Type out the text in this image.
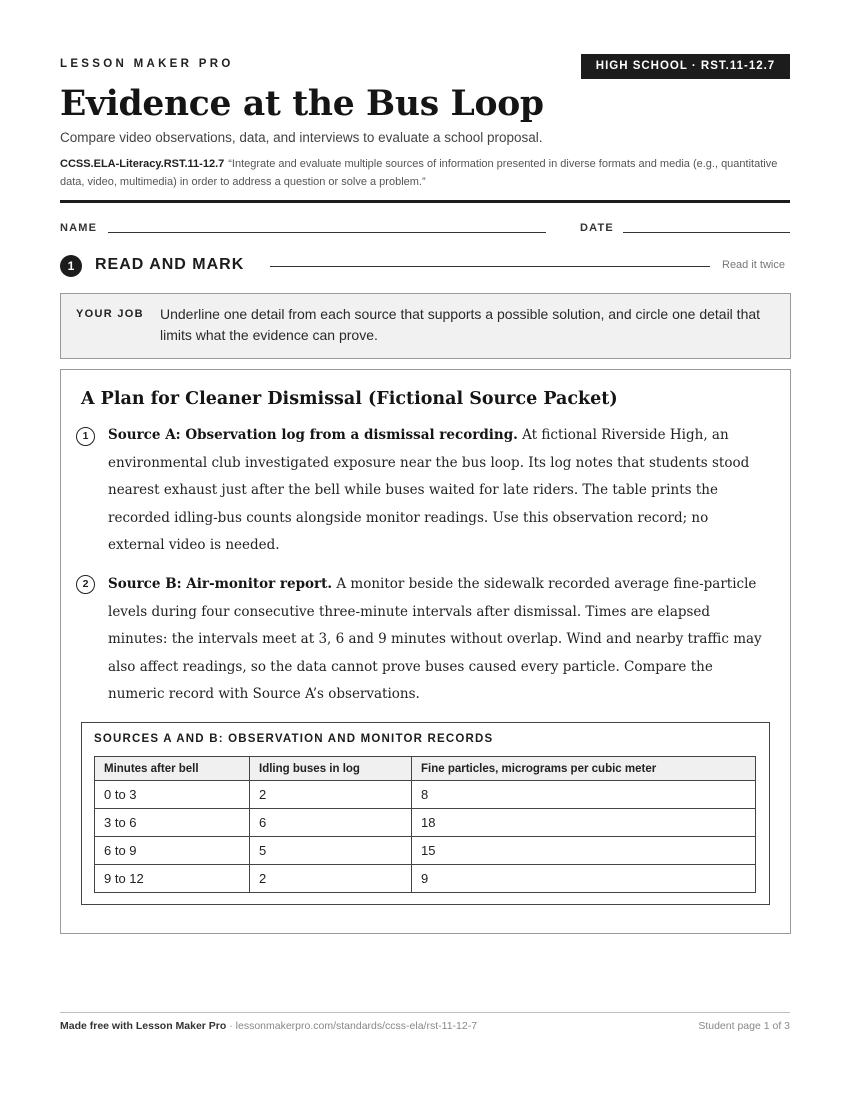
LESSON MAKER PRO	HIGH SCHOOL · RST.11-12.7
Evidence at the Bus Loop
Compare video observations, data, and interviews to evaluate a school proposal.
CCSS.ELA-Literacy.RST.11-12.7 “Integrate and evaluate multiple sources of information presented in diverse formats and media (e.g., quantitative data, video, multimedia) in order to address a question or solve a problem.”
NAME	DATE
1	READ AND MARK	Read it twice
YOUR JOB Underline one detail from each source that supports a possible solution, and circle one detail that limits what the evidence can prove.
A Plan for Cleaner Dismissal (Fictional Source Packet)
1	Source A: Observation log from a dismissal recording. At fictional Riverside High, an environmental club investigated exposure near the bus loop. Its log notes that students stood nearest exhaust just after the bell while buses waited for late riders. The table prints the recorded idling-bus counts alongside monitor readings. Use this observation record; no external video is needed.
2	Source B: Air-monitor report. A monitor beside the sidewalk recorded average fine-particle levels during four consecutive three-minute intervals after dismissal. Times are elapsed minutes: the intervals meet at 3, 6 and 9 minutes without overlap. Wind and nearby traffic may also affect readings, so the data cannot prove buses caused every particle. Compare the numeric record with Source A’s observations.
SOURCES A AND B: OBSERVATION AND MONITOR RECORDS
Minutes after bell	Idling buses in log	Fine particles, micrograms per cubic meter
0 to 3	2	8
3 to 6	6	18
6 to 9	5	15
9 to 12	2	9
Made free with Lesson Maker Pro · lessonmakerpro.com/standards/ccss-ela/rst-11-12-7	Student page 1 of 3
